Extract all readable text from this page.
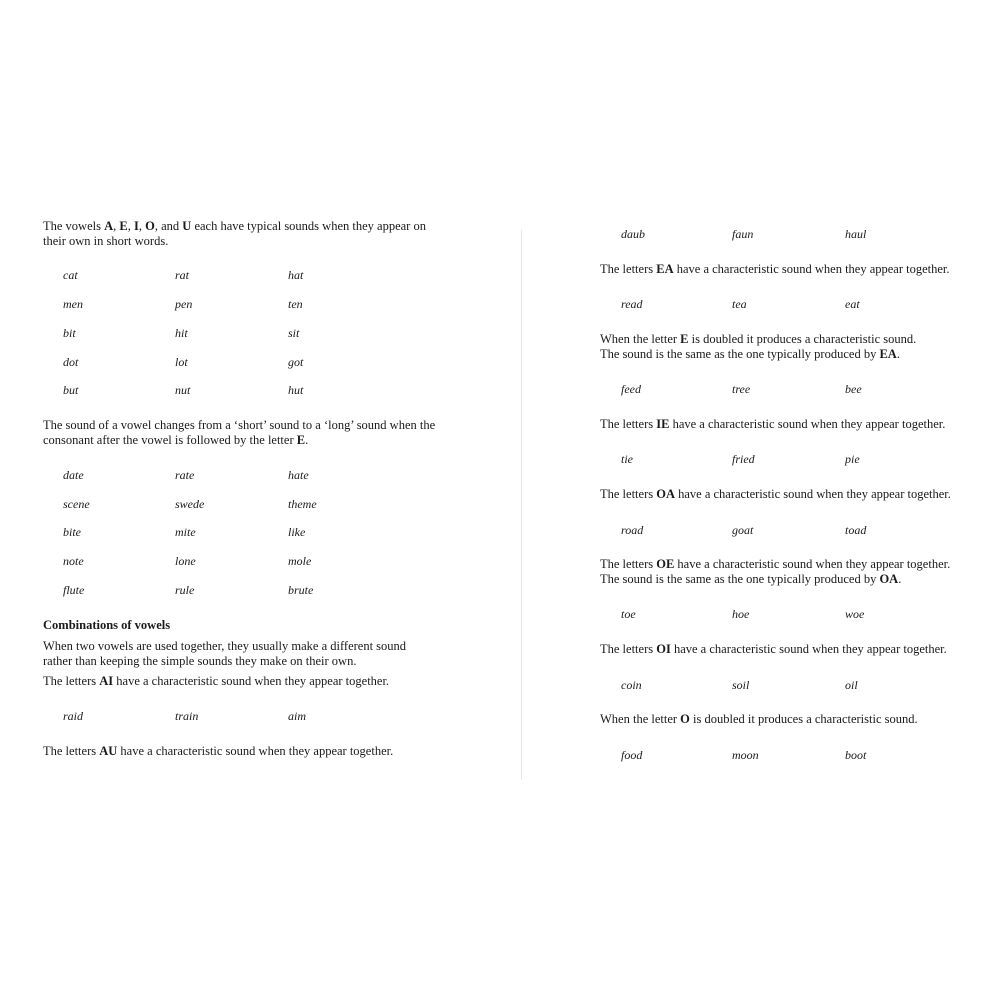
The vowels A, E, I, O, and U each have typical sounds when they appear on
their own in short words.
cat	rat	hat
men	pen	ten
bit	hit	sit
dot	lot	got
but	nut	hut
The sound of a vowel changes from a ‘short’ sound to a ‘long’ sound when the
consonant after the vowel is followed by the letter E.
date	rate	hate
scene	swede	theme
bite	mite	like
note	lone	mole
flute	rule	brute
Combinations of vowels
When two vowels are used together, they usually make a different sound
rather than keeping the simple sounds they make on their own.
The letters AI have a characteristic sound when they appear together.
raid	train	aim
The letters AU have a characteristic sound when they appear together.
daub	faun	haul
The letters EA have a characteristic sound when they appear together.
read	tea	eat
When the letter E is doubled it produces a characteristic sound.
The sound is the same as the one typically produced by EA.
feed	tree	bee
The letters IE have a characteristic sound when they appear together.
tie	fried	pie
The letters OA have a characteristic sound when they appear together.
road	goat	toad
The letters OE have a characteristic sound when they appear together.
The sound is the same as the one typically produced by OA.
toe	hoe	woe
The letters OI have a characteristic sound when they appear together.
coin	soil	oil
When the letter O is doubled it produces a characteristic sound.
food	moon	boot
